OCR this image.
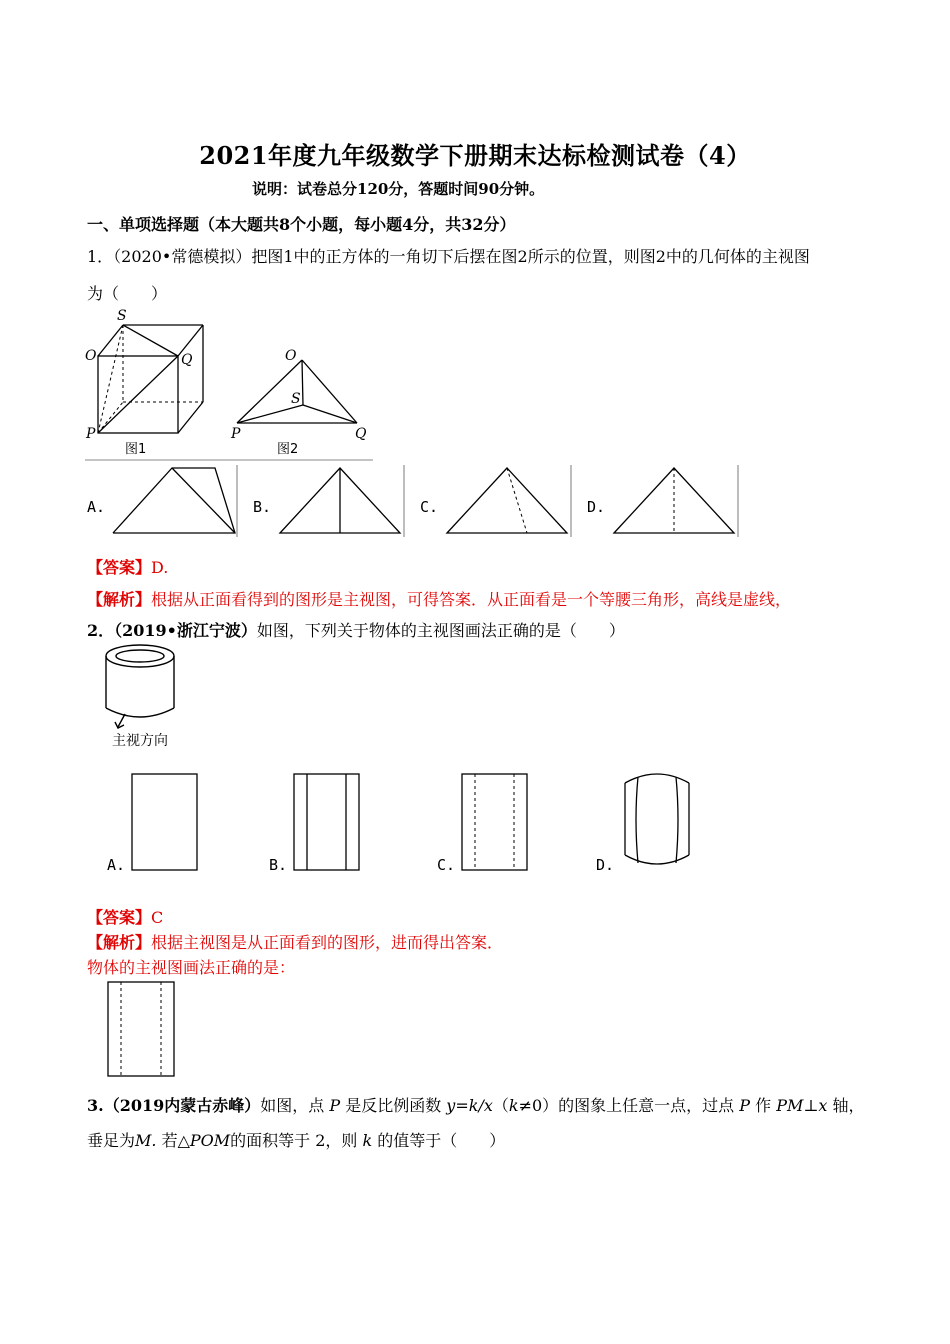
2021年度九年级数学下册期末达标检测试卷（4）
说明：试卷总分120分，答题时间90分钟。
一、单项选择题（本大题共8个小题，每小题4分，共32分）
1．（2020•常德模拟）把图1中的正方体的一角切下后摆在图2所示的位置，则图2中的几何体的主视图
为（　　）
S
O	Q
P
O
S
P	Q
图1	图2
A.	B.	C.	D.
【答案】D.
【解析】根据从正面看得到的图形是主视图，可得答案．从正面看是一个等腰三角形，高线是虚线，
2．（2019•浙江宁波）如图，下列关于物体的主视图画法正确的是（　　）
主视方向
A.	B.	C.	D.
【答案】C
【解析】根据主视图是从正面看到的图形，进而得出答案．
物体的主视图画法正确的是：
3.（2019内蒙古赤峰）如图，点 P 是反比例函数 y=k/x（k≠0）的图象上任意一点，过点 P 作 PM⊥x 轴，
垂足为M. 若△POM的面积等于 2，则 k 的值等于（　　）
